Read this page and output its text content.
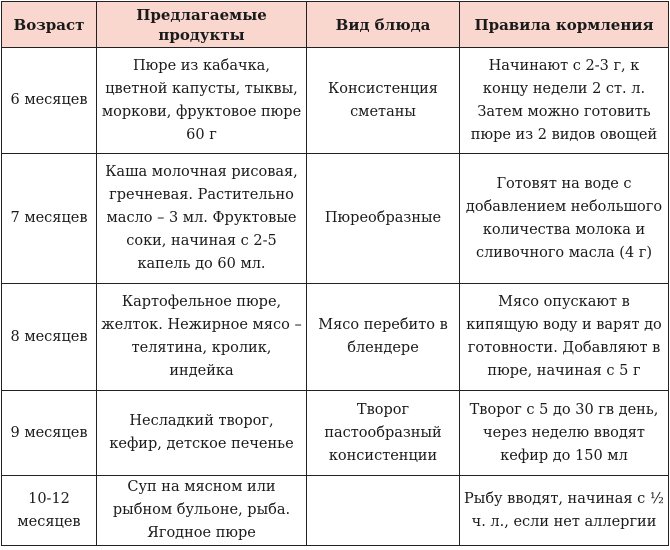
Возраст	Предлагаемые продукты	Вид блюда	Правила кормления
6 месяцев	Пюре из кабачка, цветной капусты, тыквы, моркови, фруктовое пюре 60 г	Консистенция сметаны	Начинают с 2-3 г, к концу недели 2 ст. л. Затем можно готовить пюре из 2 видов овощей
7 месяцев	Каша молочная рисовая, гречневая. Растительно масло – 3 мл. Фруктовые соки, начиная с 2-5 капель до 60 мл.	Пюреобразные	Готовят на воде с добавлением небольшого количества молока и сливочного масла (4 г)
8 месяцев	Картофельное пюре, желток. Нежирное мясо – телятина, кролик, индейка	Мясо перебито в блендере	Мясо опускают в кипящую воду и варят до готовности. Добавляют в пюре, начиная с 5 г
9 месяцев	Несладкий творог, кефир, детское печенье	Творог пастообразный консистенции	Творог с 5 до 30 гв день, через неделю вводят кефир до 150 мл
10-12 месяцев	Суп на мясном или рыбном бульоне, рыба. Ягодное пюре		Рыбу вводят, начиная с ½ ч. л., если нет аллергии
